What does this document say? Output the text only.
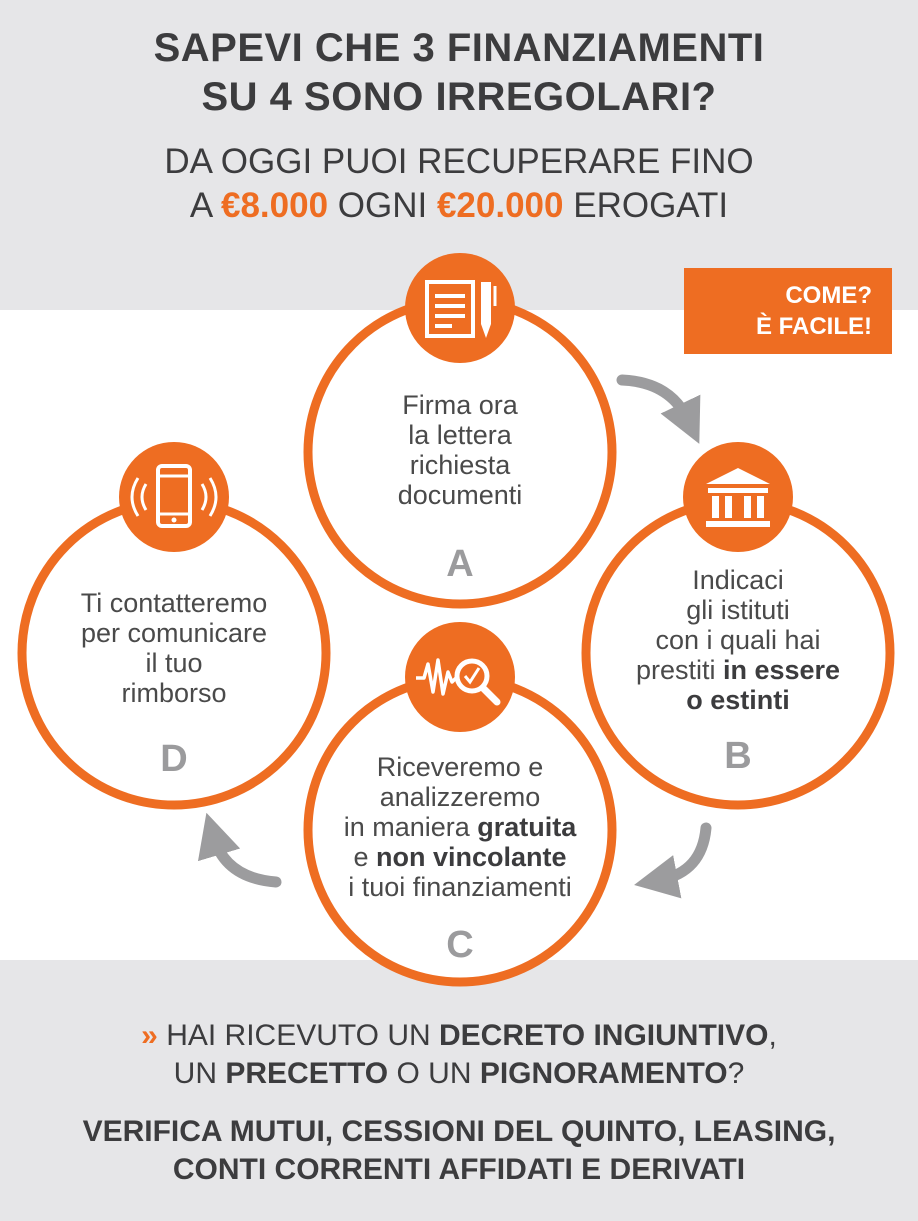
SAPEVI CHE 3 FINANZIAMENTI
SU 4 SONO IRREGOLARI?
DA OGGI PUOI RECUPERARE FINO
A €8.000 OGNI €20.000 EROGATI
COME?
È FACILE!
Firma ora
la lettera
richiesta
documenti
A	Indicaci
gli istituti
con i quali hai
prestiti in essere
o estinti
B
Riceveremo e
analizzeremo
in maniera gratuita
e non vincolante
i tuoi finanziamenti
C
Ti contatteremo
per comunicare
il tuo
rimborso
D
» HAI RICEVUTO UN DECRETO INGIUNTIVO,
UN PRECETTO O UN PIGNORAMENTO?
VERIFICA MUTUI, CESSIONI DEL QUINTO, LEASING,
CONTI CORRENTI AFFIDATI E DERIVATI
